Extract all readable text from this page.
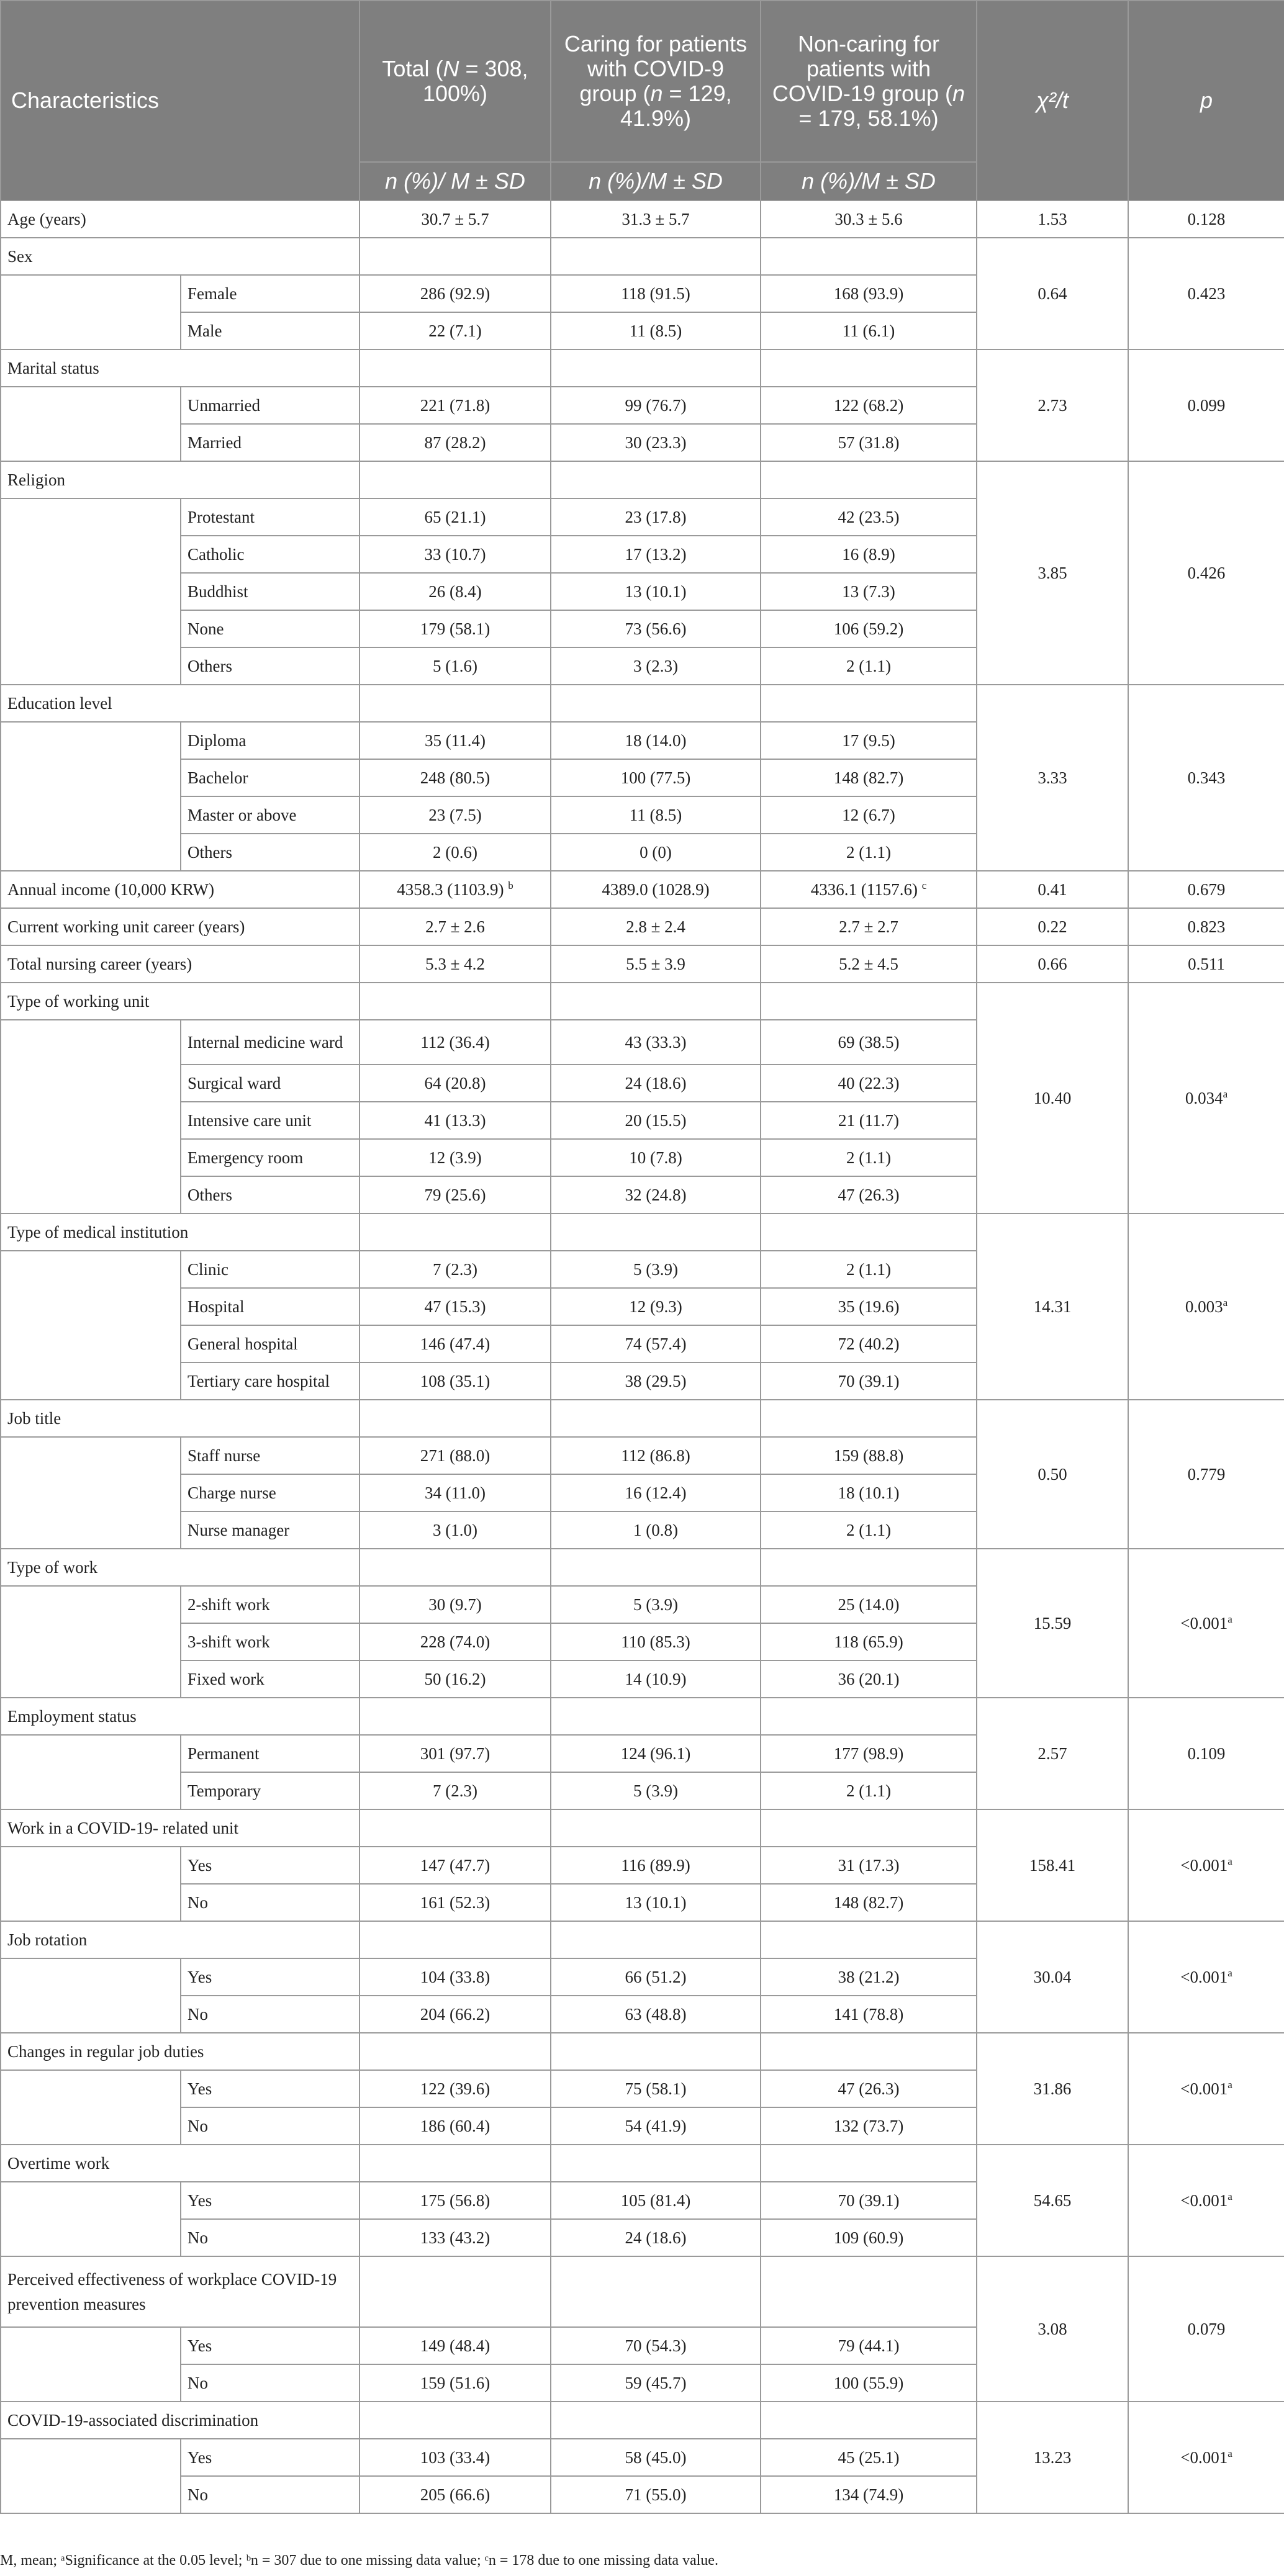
Characteristics		Total (N = 308, 100%)	Caring for patients with COVID-9 group (n = 129, 41.9%)	Non-caring for patients with COVID-19 group (n = 179, 58.1%)	χ²/t	p
		n (%)/ M ± SD	n (%)/M ± SD	n (%)/M ± SD		
Age (years)		30.7 ± 5.7	31.3 ± 5.7	30.3 ± 5.6	1.53	0.128
Sex					0.64	0.423
	Female	286 (92.9)	118 (91.5)	168 (93.9)		
	Male	22 (7.1)	11 (8.5)	11 (6.1)		
Marital status					2.73	0.099
	Unmarried	221 (71.8)	99 (76.7)	122 (68.2)		
	Married	87 (28.2)	30 (23.3)	57 (31.8)		
Religion					3.85	0.426
	Protestant	65 (21.1)	23 (17.8)	42 (23.5)		
	Catholic	33 (10.7)	17 (13.2)	16 (8.9)		
	Buddhist	26 (8.4)	13 (10.1)	13 (7.3)		
	None	179 (58.1)	73 (56.6)	106 (59.2)		
	Others	5 (1.6)	3 (2.3)	2 (1.1)		
Education level					3.33	0.343
	Diploma	35 (11.4)	18 (14.0)	17 (9.5)		
	Bachelor	248 (80.5)	100 (77.5)	148 (82.7)		
	Master or above	23 (7.5)	11 (8.5)	12 (6.7)		
	Others	2 (0.6)	0 (0)	2 (1.1)		
Annual income (10,000 KRW)		4358.3 (1103.9) $^b$	4389.0 (1028.9)	4336.1 (1157.6) $^c$	0.41	0.679
Current working unit career (years)		2.7 ± 2.6	2.8 ± 2.4	2.7 ± 2.7	0.22	0.823
Total nursing career (years)		5.3 ± 4.2	5.5 ± 3.9	5.2 ± 4.5	0.66	0.511
Type of working unit					10.40	0.034$^a$
	Internal medicine ward	112 (36.4)	43 (33.3)	69 (38.5)		
	Surgical ward	64 (20.8)	24 (18.6)	40 (22.3)		
	Intensive care unit	41 (13.3)	20 (15.5)	21 (11.7)		
	Emergency room	12 (3.9)	10 (7.8)	2 (1.1)		
	Others	79 (25.6)	32 (24.8)	47 (26.3)		
Type of medical institution					14.31	0.003$^a$
	Clinic	7 (2.3)	5 (3.9)	2 (1.1)		
	Hospital	47 (15.3)	12 (9.3)	35 (19.6)		
	General hospital	146 (47.4)	74 (57.4)	72 (40.2)		
	Tertiary care hospital	108 (35.1)	38 (29.5)	70 (39.1)		
Job title					0.50	0.779
	Staff nurse	271 (88.0)	112 (86.8)	159 (88.8)		
	Charge nurse	34 (11.0)	16 (12.4)	18 (10.1)		
	Nurse manager	3 (1.0)	1 (0.8)	2 (1.1)		
Type of work					15.59	<0.001$^a$
	2-shift work	30 (9.7)	5 (3.9)	25 (14.0)		
	3-shift work	228 (74.0)	110 (85.3)	118 (65.9)		
	Fixed work	50 (16.2)	14 (10.9)	36 (20.1)		
Employment status					2.57	0.109
	Permanent	301 (97.7)	124 (96.1)	177 (98.9)		
	Temporary	7 (2.3)	5 (3.9)	2 (1.1)		
Work in a COVID-19- related unit					158.41	<0.001$^a$
	Yes	147 (47.7)	116 (89.9)	31 (17.3)		
	No	161 (52.3)	13 (10.1)	148 (82.7)		
Job rotation					30.04	<0.001$^a$
	Yes	104 (33.8)	66 (51.2)	38 (21.2)		
	No	204 (66.2)	63 (48.8)	141 (78.8)		
Changes in regular job duties					31.86	<0.001$^a$
	Yes	122 (39.6)	75 (58.1)	47 (26.3)		
	No	186 (60.4)	54 (41.9)	132 (73.7)		
Overtime work					54.65	<0.001$^a$
	Yes	175 (56.8)	105 (81.4)	70 (39.1)		
	No	133 (43.2)	24 (18.6)	109 (60.9)		
Perceived effectiveness of workplace COVID-19 prevention measures					3.08	0.079
	Yes	149 (48.4)	70 (54.3)	79 (44.1)		
	No	159 (51.6)	59 (45.7)	100 (55.9)		
COVID-19-associated discrimination					13.23	<0.001$^a$
	Yes	103 (33.4)	58 (45.0)	45 (25.1)		
	No	205 (66.6)	71 (55.0)	134 (74.9)		
M, mean; ᵃSignificance at the 0.05 level; ᵇn = 307 due to one missing data value; ᶜn = 178 due to one missing data value.
